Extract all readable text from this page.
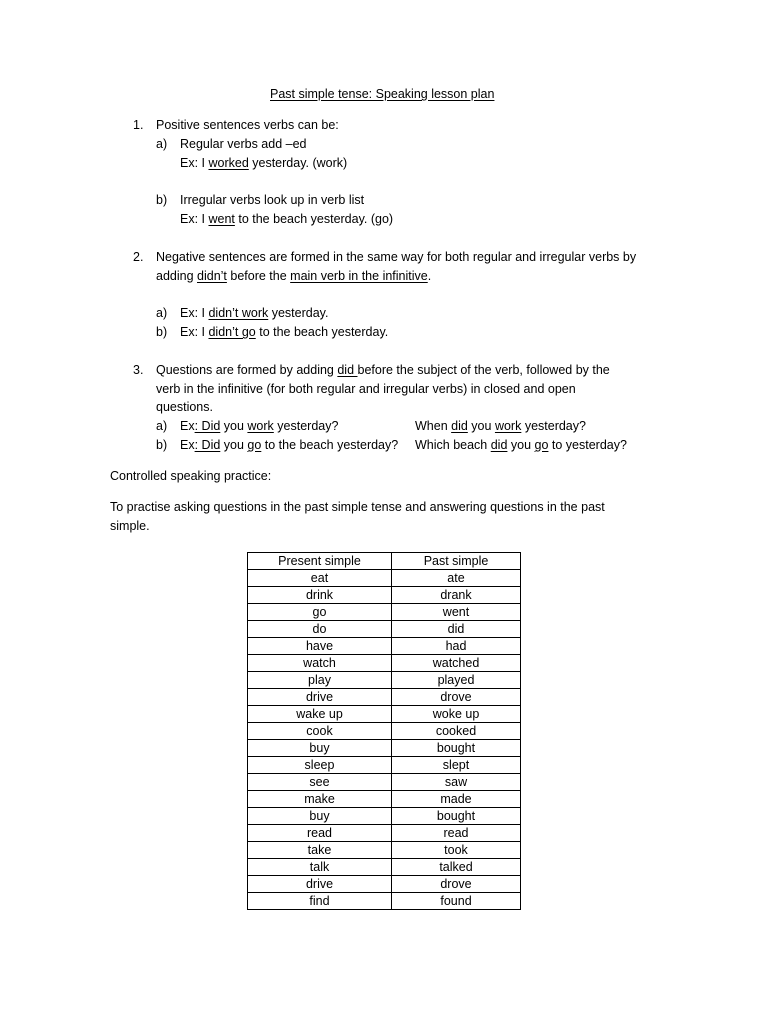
Past simple tense: Speaking lesson plan
1. Positive sentences verbs can be:
a) Regular verbs add –ed
Ex: I worked yesterday. (work)
b) Irregular verbs look up in verb list
Ex: I went to the beach yesterday. (go)
2. Negative sentences are formed in the same way for both regular and irregular verbs by
adding didn’t before the main verb in the infinitive.
a) Ex: I didn’t work yesterday.
b) Ex: I didn’t go to the beach yesterday.
3. Questions are formed by adding did before the subject of the verb, followed by the
verb in the infinitive (for both regular and irregular verbs) in closed and open
questions.
a) Ex: Did you work yesterday?	When did you work yesterday?
b) Ex: Did you go to the beach yesterday? Which beach did you go to yesterday?
Controlled speaking practice:
To practise asking questions in the past simple tense and answering questions in the past
simple.
Present simple	Past simple
eat	ate
drink	drank
go	went
do	did
have	had
watch	watched
play	played
drive	drove
wake up	woke up
cook	cooked
buy	bought
sleep	slept
see	saw
make	made
buy	bought
read	read
take	took
talk	talked
drive	drove
find	found
